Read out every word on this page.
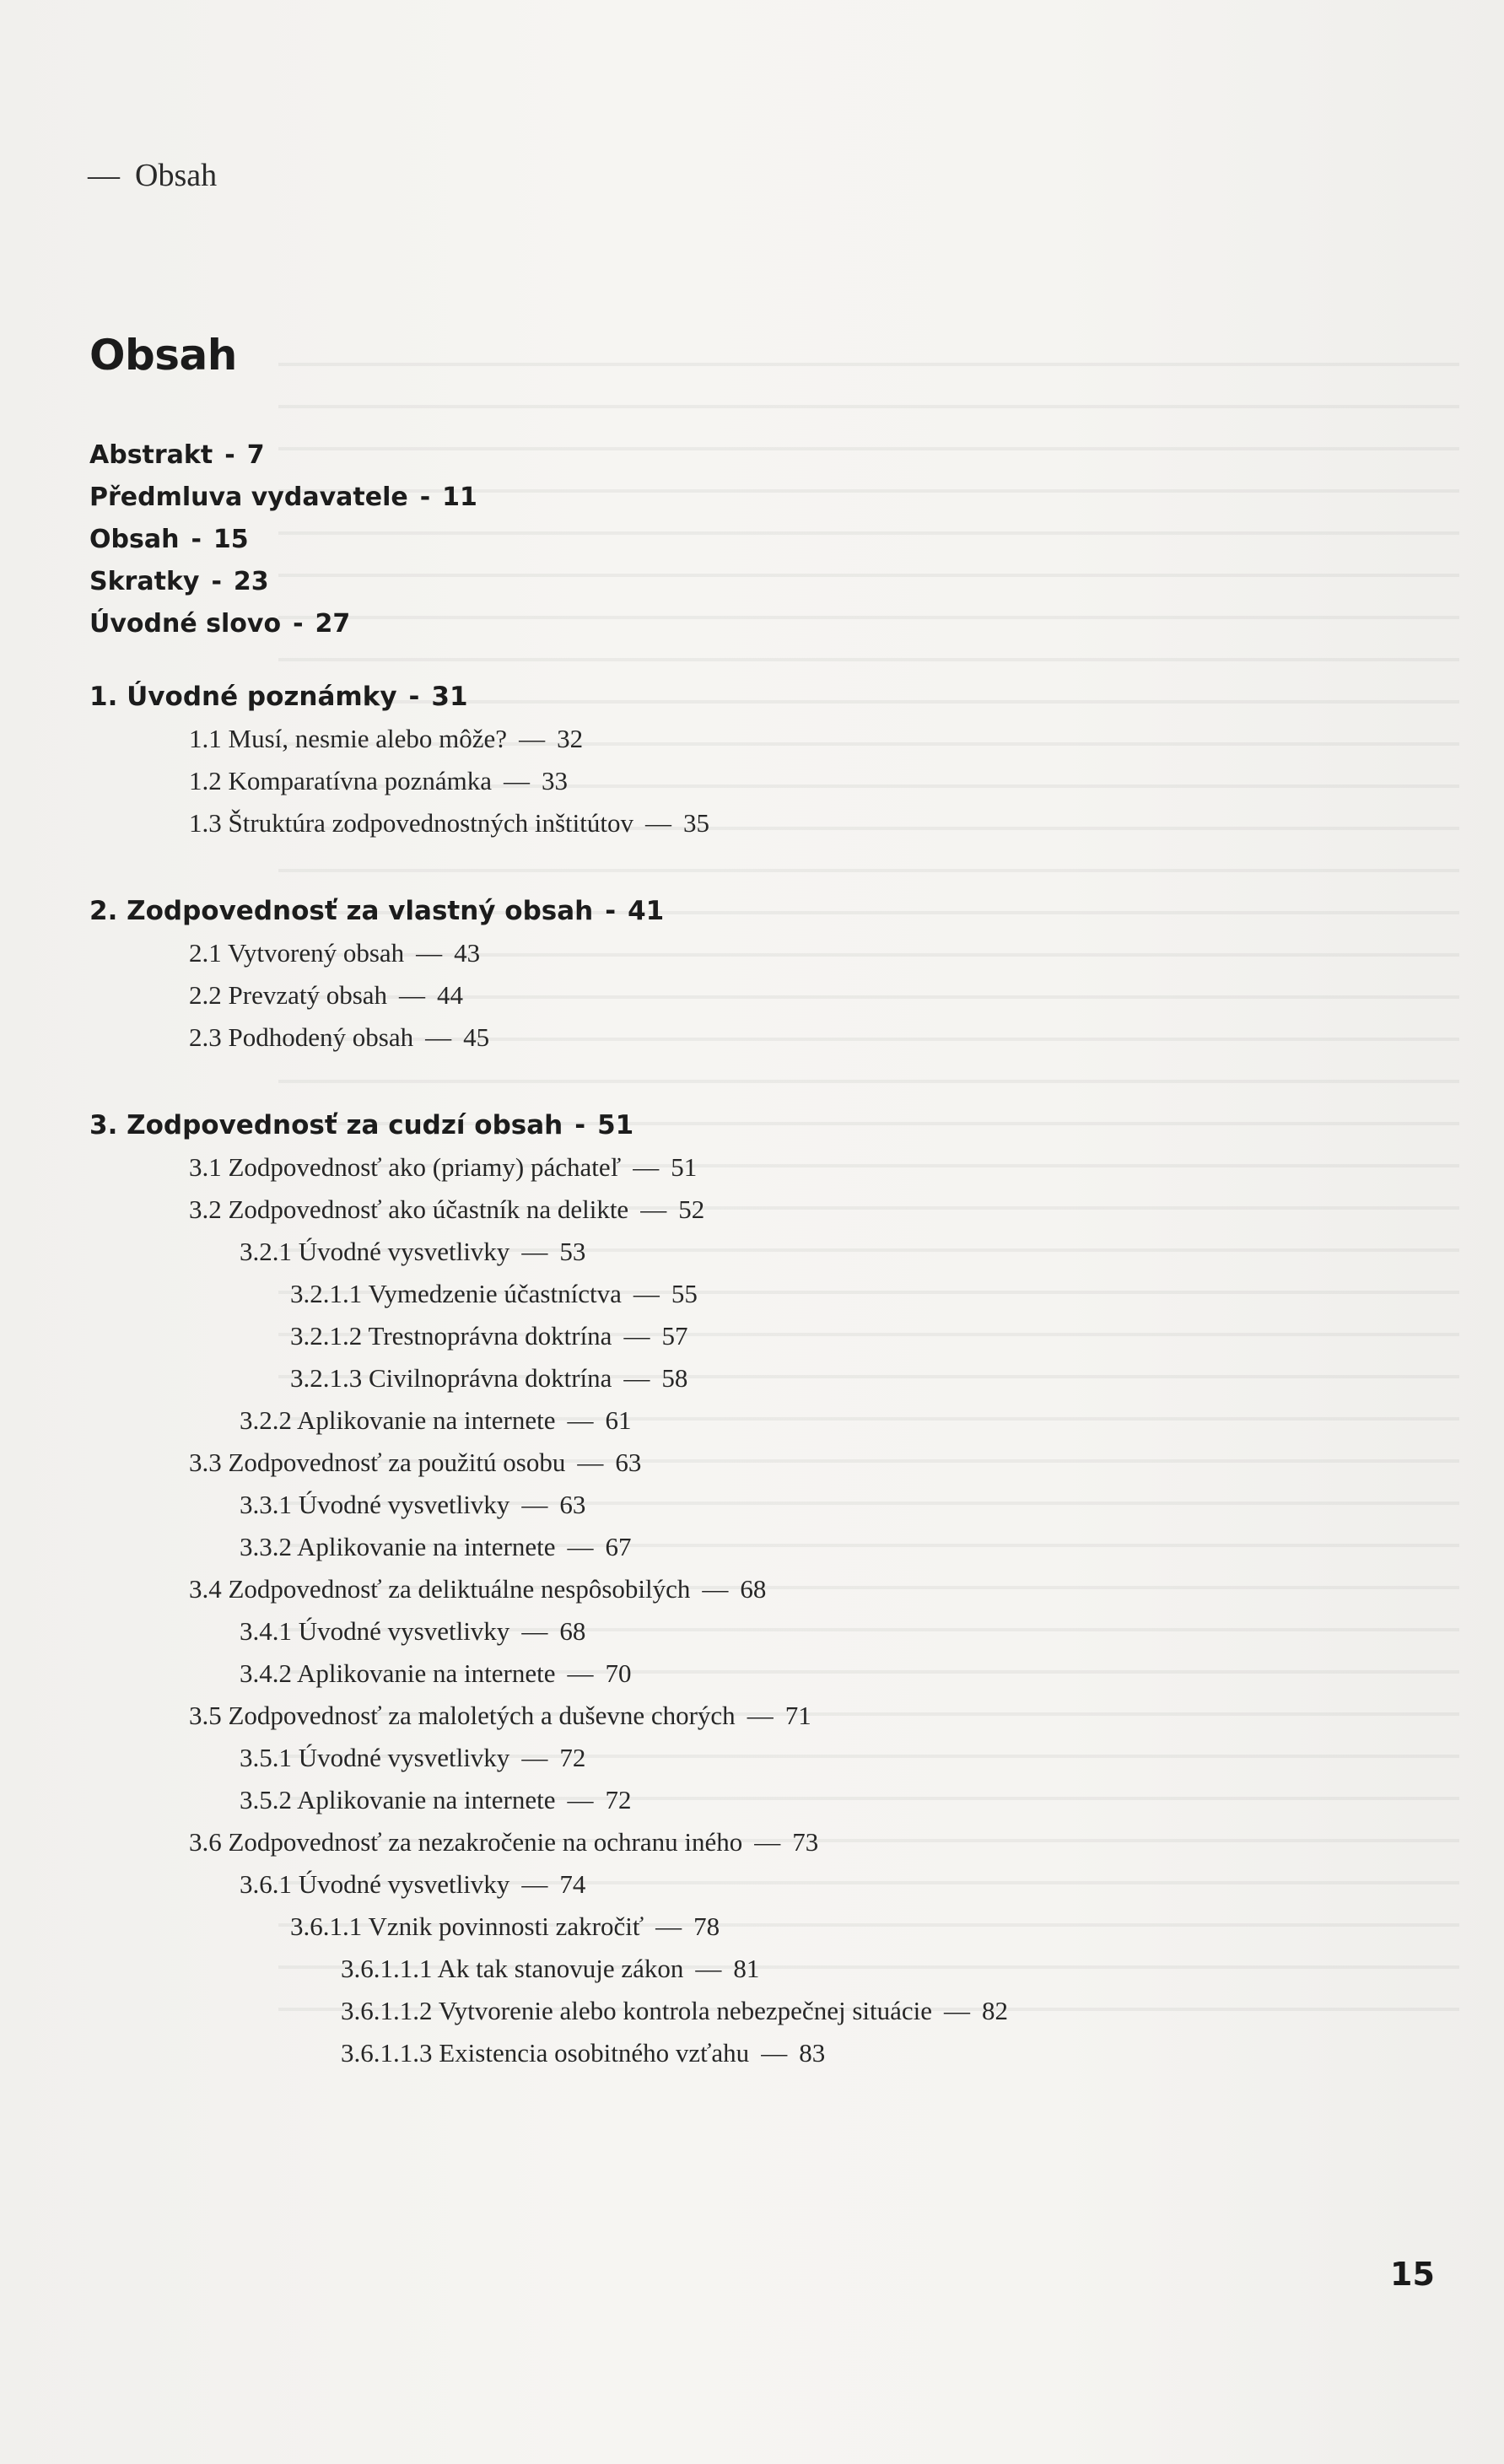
— Obsah
Obsah
Abstrakt - 7
Předmluva vydavatele - 11
Obsah - 15
Skratky - 23
Úvodné slovo - 27
1. Úvodné poznámky - 31
1.1 Musí, nesmie alebo môže? — 32
1.2 Komparatívna poznámka — 33
1.3 Štruktúra zodpovednostných inštitútov — 35
2. Zodpovednosť za vlastný obsah - 41
2.1 Vytvorený obsah — 43
2.2 Prevzatý obsah — 44
2.3 Podhodený obsah — 45
3. Zodpovednosť za cudzí obsah - 51
3.1 Zodpovednosť ako (priamy) páchateľ — 51
3.2 Zodpovednosť ako účastník na delikte — 52
3.2.1 Úvodné vysvetlivky — 53
3.2.1.1 Vymedzenie účastníctva — 55
3.2.1.2 Trestnoprávna doktrína — 57
3.2.1.3 Civilnoprávna doktrína — 58
3.2.2 Aplikovanie na internete — 61
3.3 Zodpovednosť za použitú osobu — 63
3.3.1 Úvodné vysvetlivky — 63
3.3.2 Aplikovanie na internete — 67
3.4 Zodpovednosť za deliktuálne nespôsobilých — 68
3.4.1 Úvodné vysvetlivky — 68
3.4.2 Aplikovanie na internete — 70
3.5 Zodpovednosť za maloletých a duševne chorých — 71
3.5.1 Úvodné vysvetlivky — 72
3.5.2 Aplikovanie na internete — 72
3.6 Zodpovednosť za nezakročenie na ochranu iného — 73
3.6.1 Úvodné vysvetlivky — 74
3.6.1.1 Vznik povinnosti zakročiť — 78
3.6.1.1.1 Ak tak stanovuje zákon — 81
3.6.1.1.2 Vytvorenie alebo kontrola nebezpečnej situácie — 82
3.6.1.1.3 Existencia osobitného vzťahu — 83
15
